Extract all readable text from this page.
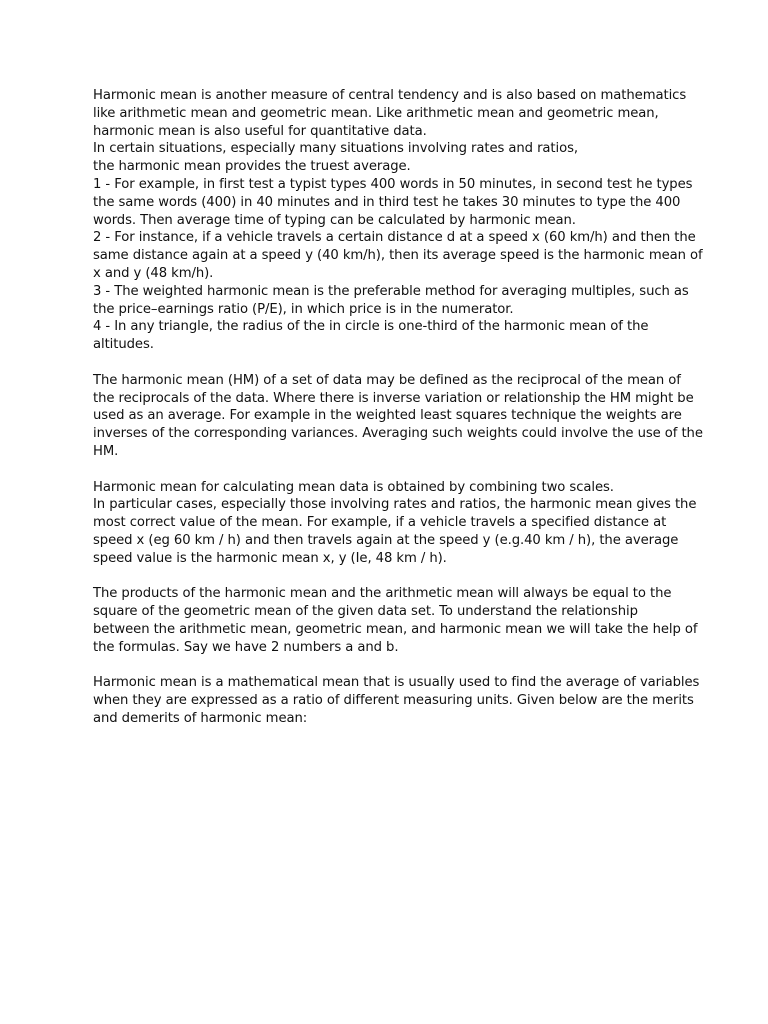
Harmonic mean is another measure of central tendency and is also based on mathematics
like arithmetic mean and geometric mean. Like arithmetic mean and geometric mean,
harmonic mean is also useful for quantitative data.
In certain situations, especially many situations involving rates and ratios,
the harmonic mean provides the truest average.
1 - For example, in first test a typist types 400 words in 50 minutes, in second test he types
the same words (400) in 40 minutes and in third test he takes 30 minutes to type the 400
words. Then average time of typing can be calculated by harmonic mean.
2 - For instance, if a vehicle travels a certain distance d at a speed x (60 km/h) and then the
same distance again at a speed y (40 km/h), then its average speed is the harmonic mean of
x and y (48 km/h).
3 - The weighted harmonic mean is the preferable method for averaging multiples, such as
the price–earnings ratio (P/E), in which price is in the numerator.
4 - In any triangle, the radius of the in circle is one-third of the harmonic mean of the
altitudes.
The harmonic mean (HM) of a set of data may be defined as the reciprocal of the mean of
the reciprocals of the data. Where there is inverse variation or relationship the HM might be
used as an average. For example in the weighted least squares technique the weights are
inverses of the corresponding variances. Averaging such weights could involve the use of the
HM.
Harmonic mean for calculating mean data is obtained by combining two scales.
In particular cases, especially those involving rates and ratios, the harmonic mean gives the
most correct value of the mean. For example, if a vehicle travels a specified distance at
speed x (eg 60 km / h) and then travels again at the speed y (e.g.40 km / h), the average
speed value is the harmonic mean x, y (Ie, 48 km / h).
The products of the harmonic mean and the arithmetic mean will always be equal to the
square of the geometric mean of the given data set. To understand the relationship
between the arithmetic mean, geometric mean, and harmonic mean we will take the help of
the formulas. Say we have 2 numbers a and b.
Harmonic mean is a mathematical mean that is usually used to find the average of variables
when they are expressed as a ratio of different measuring units. Given below are the merits
and demerits of harmonic mean:
